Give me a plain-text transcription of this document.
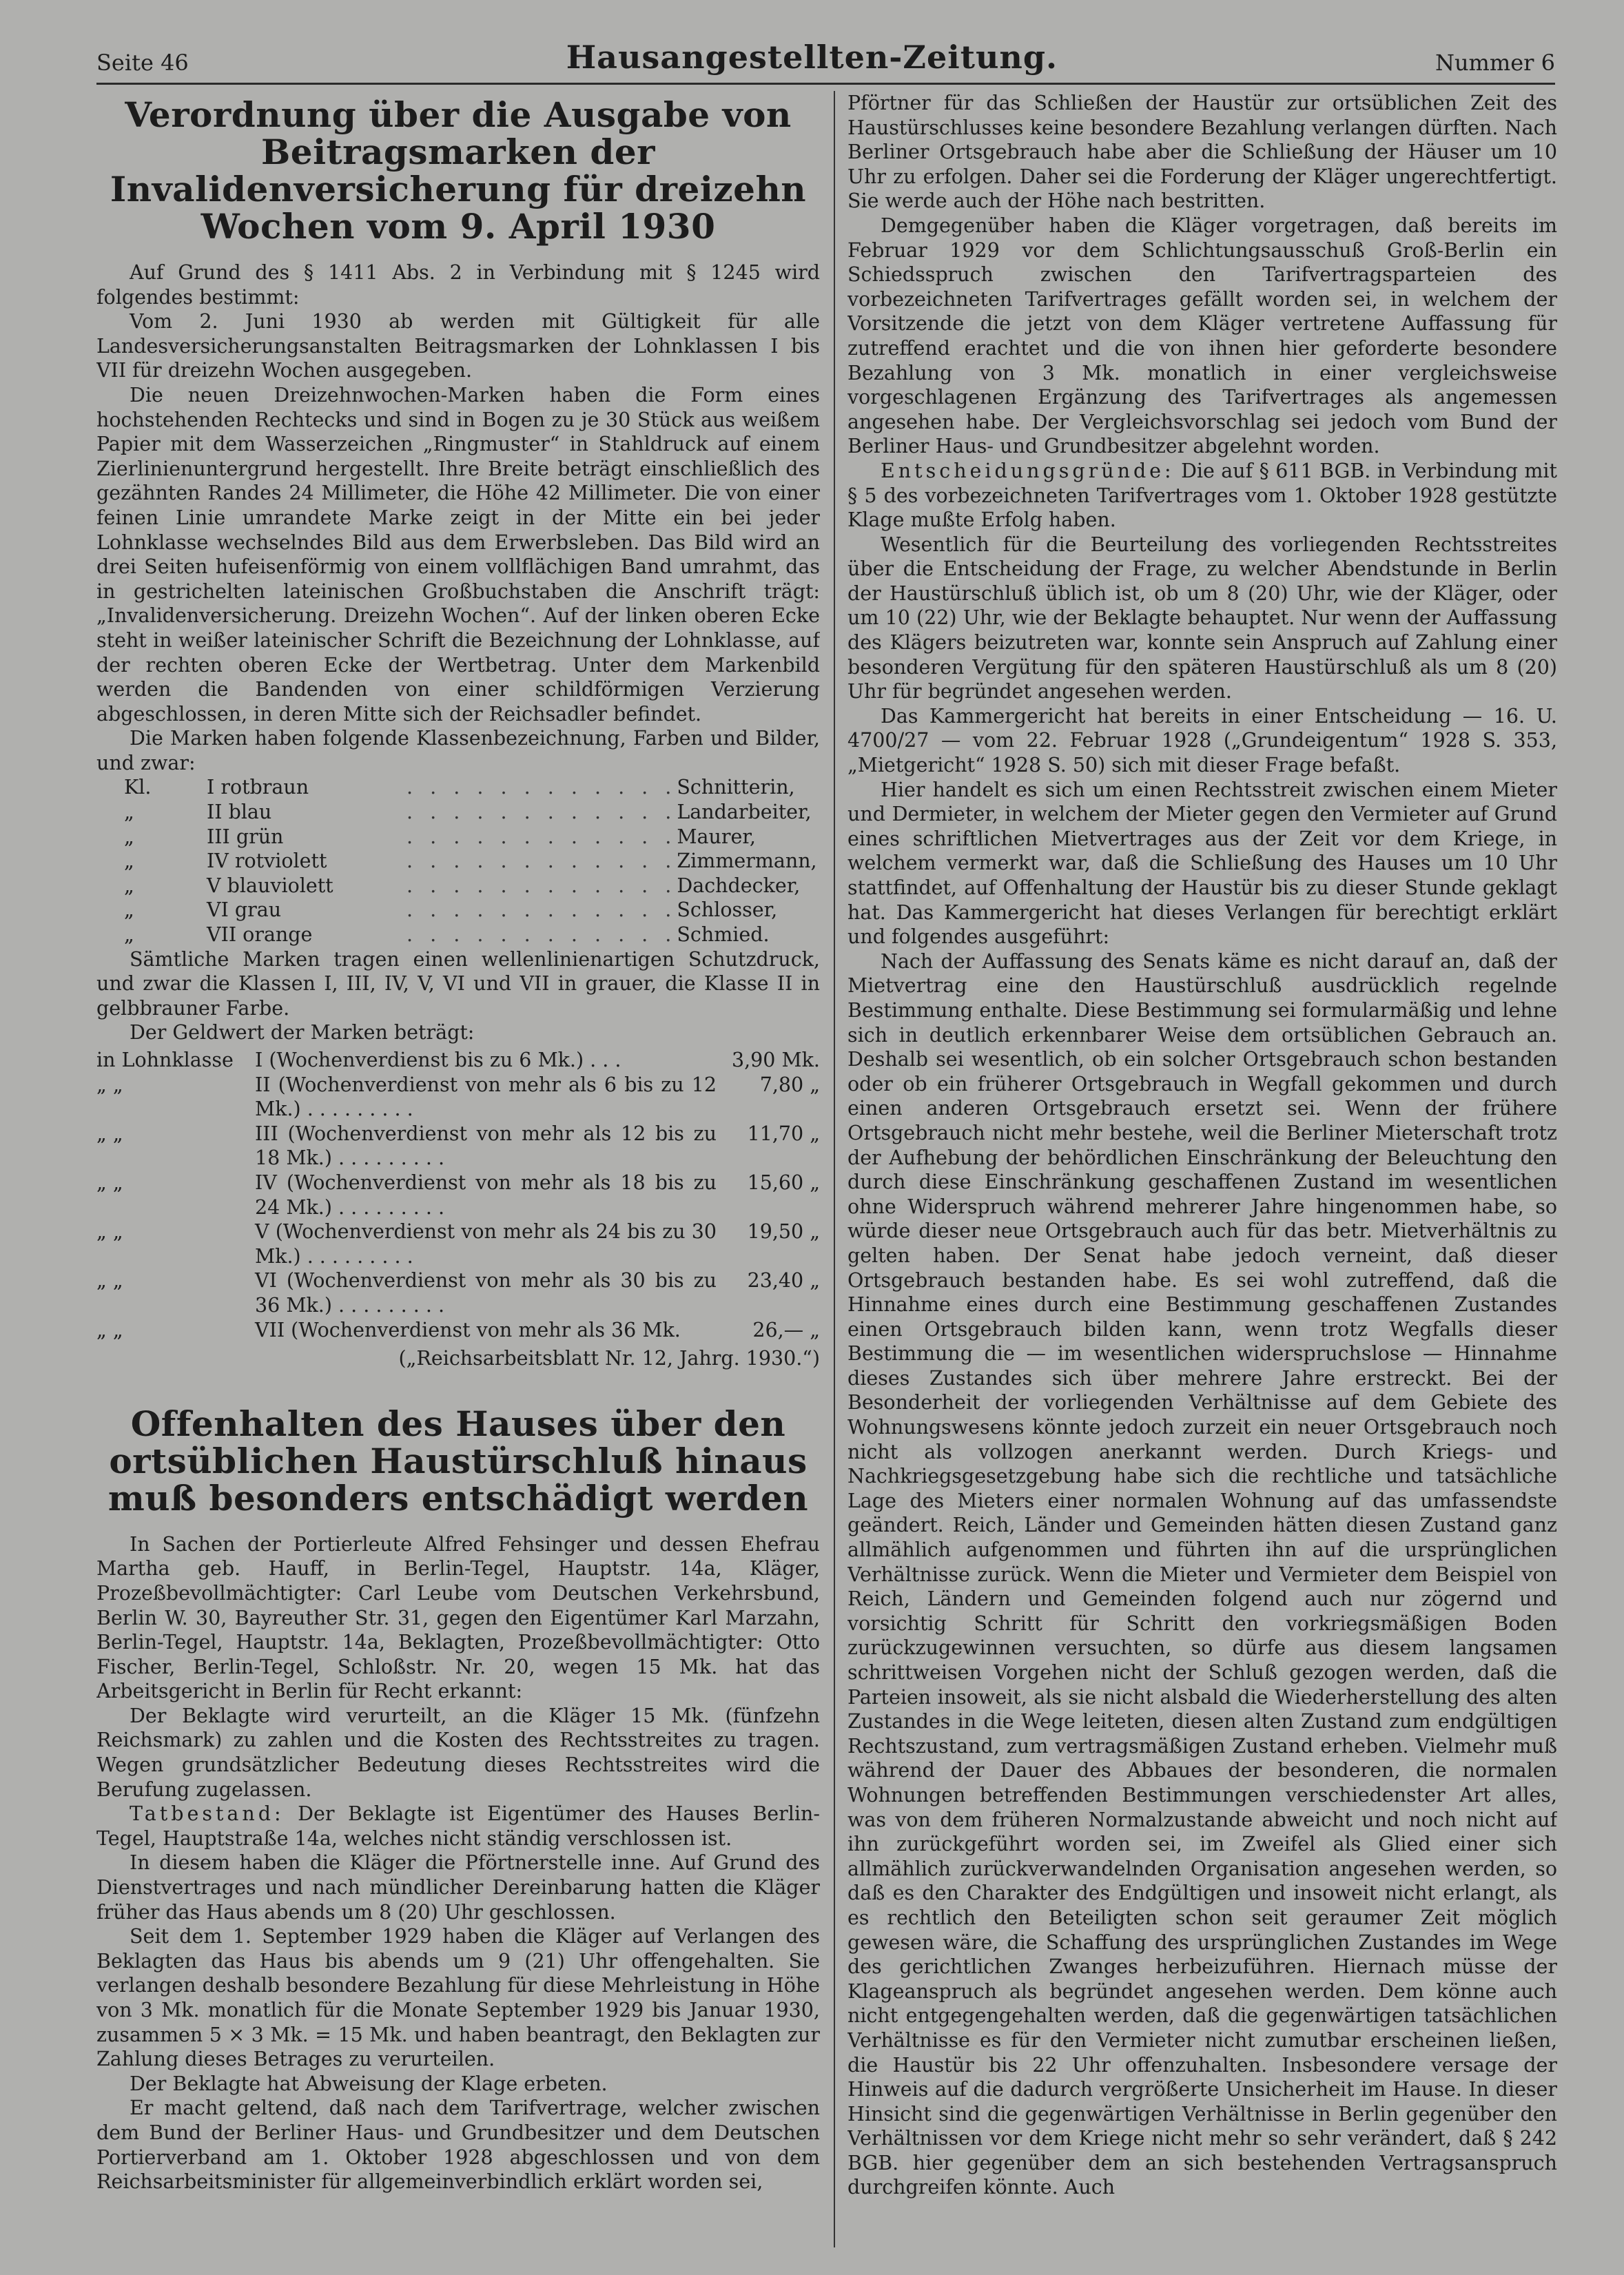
Seite 46	Hausangestellten-Zeitung.	Nummer 6
Verordnung über die Ausgabe von Beitragsmarken der Invalidenversicherung für dreizehn Wochen vom 9. April 1930

Auf Grund des § 1411 Abs. 2 in Verbindung mit § 1245 wird folgendes bestimmt:

Vom 2. Juni 1930 ab werden mit Gültigkeit für alle Landesversicherungsanstalten Beitragsmarken der Lohnklassen I bis VII für dreizehn Wochen ausgegeben.

Die neuen Dreizehnwochen-Marken haben die Form eines hochstehenden Rechtecks und sind in Bogen zu je 30 Stück aus weißem Papier mit dem Wasserzeichen „Ringmuster“ in Stahldruck auf einem Zierlinienuntergrund hergestellt. Ihre Breite beträgt einschließlich des gezähnten Randes 24 Millimeter, die Höhe 42 Millimeter. Die von einer feinen Linie umrandete Marke zeigt in der Mitte ein bei jeder Lohnklasse wechselndes Bild aus dem Erwerbsleben. Das Bild wird an drei Seiten hufeisenförmig von einem vollflächigen Band umrahmt, das in gestrichelten lateinischen Großbuchstaben die Anschrift trägt: „Invalidenversicherung. Dreizehn Wochen“. Auf der linken oberen Ecke steht in weißer lateinischer Schrift die Bezeichnung der Lohnklasse, auf der rechten oberen Ecke der Wertbetrag. Unter dem Markenbild werden die Bandenden von einer schildförmigen Verzierung abgeschlossen, in deren Mitte sich der Reichsadler befindet.

Die Marken haben folgende Klassenbezeichnung, Farben und Bilder, und zwar:

Kl.	I rotbraun	. . . . . . . . . . . .	Schnitterin,
„	II blau	. . . . . . . . . . . .	Landarbeiter,
„	III grün	. . . . . . . . . . . .	Maurer,
„	IV rotviolett	. . . . . . . . . . . .	Zimmermann,
„	V blauviolett	. . . . . . . . . . . .	Dachdecker,
„	VI grau	. . . . . . . . . . . .	Schlosser,
„	VII orange	. . . . . . . . . . . .	Schmied.

Sämtliche Marken tragen einen wellenlinienartigen Schutzdruck, und zwar die Klassen I, III, IV, V, VI und VII in grauer, die Klasse II in gelbbrauner Farbe.

Der Geldwert der Marken beträgt:

in Lohnklasse	I (Wochenverdienst bis zu 6 Mk.) . . .	3,90 Mk.
„ „	II (Wochenverdienst von mehr als 6 bis zu 12 Mk.) . . . . . . . . .	7,80 „
„ „	III (Wochenverdienst von mehr als 12 bis zu 18 Mk.) . . . . . . . . .	11,70 „
„ „	IV (Wochenverdienst von mehr als 18 bis zu 24 Mk.) . . . . . . . . .	15,60 „
„ „	V (Wochenverdienst von mehr als 24 bis zu 30 Mk.) . . . . . . . . .	19,50 „
„ „	VI (Wochenverdienst von mehr als 30 bis zu 36 Mk.) . . . . . . . . .	23,40 „
„ „	VII (Wochenverdienst von mehr als 36 Mk.	26,— „
(„Reichsarbeitsblatt Nr. 12, Jahrg. 1930.“)
Offenhalten des Hauses über den ortsüblichen Haustürschluß hinaus muß besonders entschädigt werden

In Sachen der Portierleute Alfred Fehsinger und dessen Ehefrau Martha geb. Hauff, in Berlin-Tegel, Hauptstr. 14a, Kläger, Prozeßbevollmächtigter: Carl Leube vom Deutschen Verkehrsbund, Berlin W. 30, Bayreuther Str. 31, gegen den Eigentümer Karl Marzahn, Berlin-Tegel, Hauptstr. 14a, Beklagten, Prozeßbevollmächtigter: Otto Fischer, Berlin-Tegel, Schloßstr. Nr. 20, wegen 15 Mk. hat das Arbeitsgericht in Berlin für Recht erkannt:

Der Beklagte wird verurteilt, an die Kläger 15 Mk. (fünfzehn Reichsmark) zu zahlen und die Kosten des Rechtsstreites zu tragen. Wegen grundsätzlicher Bedeutung dieses Rechtsstreites wird die Berufung zugelassen.

Tatbestand: Der Beklagte ist Eigentümer des Hauses Berlin-Tegel, Hauptstraße 14a, welches nicht ständig verschlossen ist.

In diesem haben die Kläger die Pförtnerstelle inne. Auf Grund des Dienstvertrages und nach mündlicher Dereinbarung hatten die Kläger früher das Haus abends um 8 (20) Uhr geschlossen.

Seit dem 1. September 1929 haben die Kläger auf Verlangen des Beklagten das Haus bis abends um 9 (21) Uhr offengehalten. Sie verlangen deshalb besondere Bezahlung für diese Mehrleistung in Höhe von 3 Mk. monatlich für die Monate September 1929 bis Januar 1930, zusammen 5 × 3 Mk. = 15 Mk. und haben beantragt, den Beklagten zur Zahlung dieses Betrages zu verurteilen.

Der Beklagte hat Abweisung der Klage erbeten.

Er macht geltend, daß nach dem Tarifvertrage, welcher zwischen dem Bund der Berliner Haus- und Grundbesitzer und dem Deutschen Portierverband am 1. Oktober 1928 abgeschlossen und von dem Reichsarbeitsminister für allgemeinverbindlich erklärt worden sei,

Pförtner für das Schließen der Haustür zur ortsüblichen Zeit des Haustürschlusses keine besondere Bezahlung verlangen dürften. Nach Berliner Ortsgebrauch habe aber die Schließung der Häuser um 10 Uhr zu erfolgen. Daher sei die Forderung der Kläger ungerechtfertigt. Sie werde auch der Höhe nach bestritten.

Demgegenüber haben die Kläger vorgetragen, daß bereits im Februar 1929 vor dem Schlichtungsausschuß Groß-Berlin ein Schiedsspruch zwischen den Tarifvertragsparteien des vorbezeichneten Tarifvertrages gefällt worden sei, in welchem der Vorsitzende die jetzt von dem Kläger vertretene Auffassung für zutreffend erachtet und die von ihnen hier geforderte besondere Bezahlung von 3 Mk. monatlich in einer vergleichsweise vorgeschlagenen Ergänzung des Tarifvertrages als angemessen angesehen habe. Der Vergleichsvorschlag sei jedoch vom Bund der Berliner Haus- und Grundbesitzer abgelehnt worden.

Entscheidungsgründe: Die auf § 611 BGB. in Verbindung mit § 5 des vorbezeichneten Tarifvertrages vom 1. Oktober 1928 gestützte Klage mußte Erfolg haben.

Wesentlich für die Beurteilung des vorliegenden Rechtsstreites über die Entscheidung der Frage, zu welcher Abendstunde in Berlin der Haustürschluß üblich ist, ob um 8 (20) Uhr, wie der Kläger, oder um 10 (22) Uhr, wie der Beklagte behauptet. Nur wenn der Auffassung des Klägers beizutreten war, konnte sein Anspruch auf Zahlung einer besonderen Vergütung für den späteren Haustürschluß als um 8 (20) Uhr für begründet angesehen werden.

Das Kammergericht hat bereits in einer Entscheidung — 16. U. 4700/27 — vom 22. Februar 1928 („Grundeigentum“ 1928 S. 353, „Mietgericht“ 1928 S. 50) sich mit dieser Frage befaßt.

Hier handelt es sich um einen Rechtsstreit zwischen einem Mieter und Dermieter, in welchem der Mieter gegen den Vermieter auf Grund eines schriftlichen Mietvertrages aus der Zeit vor dem Kriege, in welchem vermerkt war, daß die Schließung des Hauses um 10 Uhr stattfindet, auf Offenhaltung der Haustür bis zu dieser Stunde geklagt hat. Das Kammergericht hat dieses Verlangen für berechtigt erklärt und folgendes ausgeführt:

Nach der Auffassung des Senats käme es nicht darauf an, daß der Mietvertrag eine den Haustürschluß ausdrücklich regelnde Bestimmung enthalte. Diese Bestimmung sei formularmäßig und lehne sich in deutlich erkennbarer Weise dem ortsüblichen Gebrauch an. Deshalb sei wesentlich, ob ein solcher Ortsgebrauch schon bestanden oder ob ein früherer Ortsgebrauch in Wegfall gekommen und durch einen anderen Ortsgebrauch ersetzt sei. Wenn der frühere Ortsgebrauch nicht mehr bestehe, weil die Berliner Mieterschaft trotz der Aufhebung der behördlichen Einschränkung der Beleuchtung den durch diese Einschränkung geschaffenen Zustand im wesentlichen ohne Widerspruch während mehrerer Jahre hingenommen habe, so würde dieser neue Ortsgebrauch auch für das betr. Mietverhältnis zu gelten haben. Der Senat habe jedoch verneint, daß dieser Ortsgebrauch bestanden habe. Es sei wohl zutreffend, daß die Hinnahme eines durch eine Bestimmung geschaffenen Zustandes einen Ortsgebrauch bilden kann, wenn trotz Wegfalls dieser Bestimmung die — im wesentlichen widerspruchslose — Hinnahme dieses Zustandes sich über mehrere Jahre erstreckt. Bei der Besonderheit der vorliegenden Verhältnisse auf dem Gebiete des Wohnungswesens könnte jedoch zurzeit ein neuer Ortsgebrauch noch nicht als vollzogen anerkannt werden. Durch Kriegs- und Nachkriegsgesetzgebung habe sich die rechtliche und tatsächliche Lage des Mieters einer normalen Wohnung auf das umfassendste geändert. Reich, Länder und Gemeinden hätten diesen Zustand ganz allmählich aufgenommen und führten ihn auf die ursprünglichen Verhältnisse zurück. Wenn die Mieter und Vermieter dem Beispiel von Reich, Ländern und Gemeinden folgend auch nur zögernd und vorsichtig Schritt für Schritt den vorkriegsmäßigen Boden zurückzugewinnen versuchten, so dürfe aus diesem langsamen schrittweisen Vorgehen nicht der Schluß gezogen werden, daß die Parteien insoweit, als sie nicht alsbald die Wiederherstellung des alten Zustandes in die Wege leiteten, diesen alten Zustand zum endgültigen Rechtszustand, zum vertragsmäßigen Zustand erheben. Vielmehr muß während der Dauer des Abbaues der besonderen, die normalen Wohnungen betreffenden Bestimmungen verschiedenster Art alles, was von dem früheren Normalzustande abweicht und noch nicht auf ihn zurückgeführt worden sei, im Zweifel als Glied einer sich allmählich zurückverwandelnden Organisation angesehen werden, so daß es den Charakter des Endgültigen und insoweit nicht erlangt, als es rechtlich den Beteiligten schon seit geraumer Zeit möglich gewesen wäre, die Schaffung des ursprünglichen Zustandes im Wege des gerichtlichen Zwanges herbeizuführen. Hiernach müsse der Klageanspruch als begründet angesehen werden. Dem könne auch nicht entgegengehalten werden, daß die gegenwärtigen tatsächlichen Verhältnisse es für den Vermieter nicht zumutbar erscheinen ließen, die Haustür bis 22 Uhr offenzuhalten. Insbesondere versage der Hinweis auf die dadurch vergrößerte Unsicherheit im Hause. In dieser Hinsicht sind die gegenwärtigen Verhältnisse in Berlin gegenüber den Verhältnissen vor dem Kriege nicht mehr so sehr verändert, daß § 242 BGB. hier gegenüber dem an sich bestehenden Vertragsanspruch durchgreifen könnte. Auch
